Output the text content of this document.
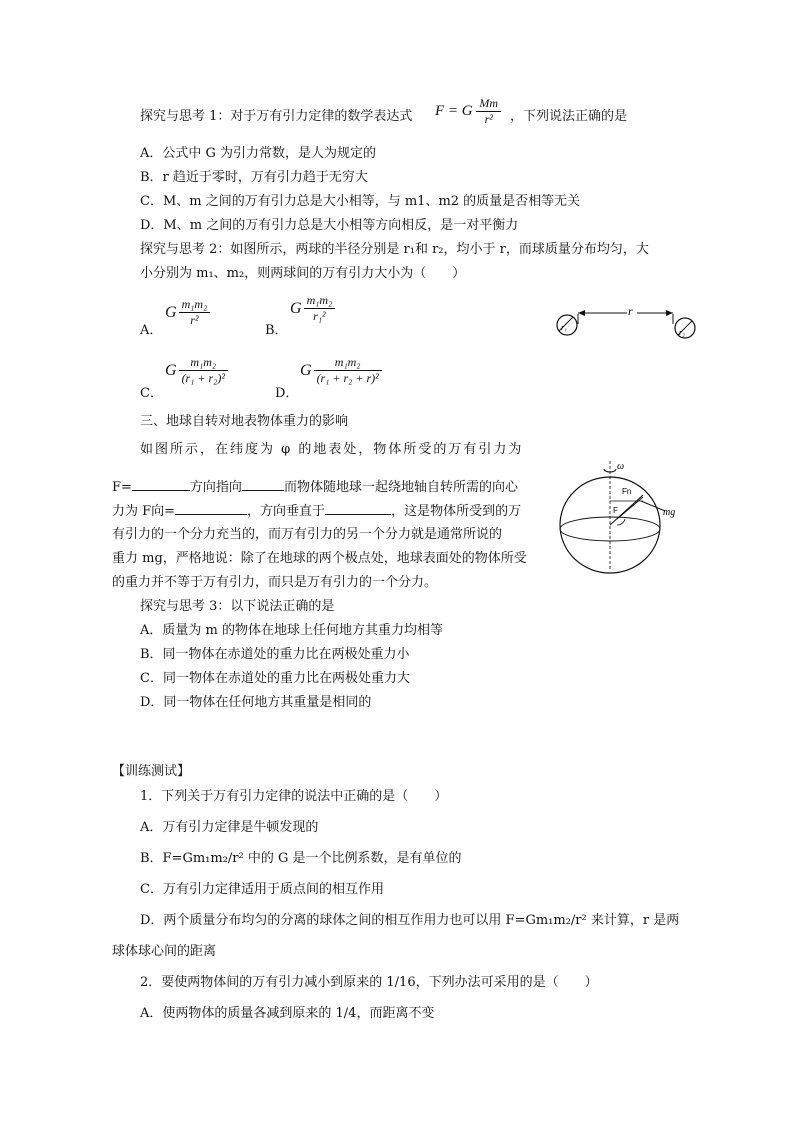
探究与思考 1：对于万有引力定律的数学表达式 F = G $\frac{Mm}{\text{r²}}$ ，下列说法正确的是
A．公式中 G 为引力常数，是人为规定的
B．r 趋近于零时，万有引力趋于无穷大
C．M、m 之间的万有引力总是大小相等，与 m1、m2 的质量是否相等无关
D．M、m 之间的万有引力总是大小相等方向相反，是一对平衡力
探究与思考 2：如图所示，两球的半径分别是 r₁和 r₂，均小于 r，而球质量分布均匀，大
小分别为 m₁、m₂，则两球间的万有引力大小为（　　）
A．
G $\frac{\text{m₁m₂}}{\text{r²}}$
B．
G $\frac{\text{m₁m₂}}{\text{r₁²}}$
C．
G $\frac{\text{m₁m₂}}{\text{(r₁ + r₂)²}}$
D．
G $\frac{\text{m₁m₂}}{\text{(r₁ + r₂ + r)²}}$
r₁
r
r₂
三、地球自转对地表物体重力的影响
如图所示，在纬度为 φ 的地表处，物体所受的万有引力为
F=	方向指向	而物体随地球一起绕地轴自转所需的向心
力为 F向=	，方向垂直于	，这是物体所受到的万
有引力的一个分力充当的，而万有引力的另一个分力就是通常所说的
重力 mg，严格地说：除了在地球的两个极点处，地球表面处的物体所受
的重力并不等于万有引力，而只是万有引力的一个分力。
ω
Fn
F	mg
探究与思考 3：以下说法正确的是
A．质量为 m 的物体在地球上任何地方其重力均相等
B．同一物体在赤道处的重力比在两极处重力小
C．同一物体在赤道处的重力比在两极处重力大
D．同一物体在任何地方其重量是相同的
【训练测试】
1．下列关于万有引力定律的说法中正确的是（　　）
A．万有引力定律是牛顿发现的
B．F=Gm₁m₂/r² 中的 G 是一个比例系数，是有单位的
C．万有引力定律适用于质点间的相互作用
D．两个质量分布均匀的分离的球体之间的相互作用力也可以用 F=Gm₁m₂/r² 来计算，r 是两
球体球心间的距离
2．要使两物体间的万有引力减小到原来的 1/16，下列办法可采用的是（　　）
A．使两物体的质量各减到原来的 1/4，而距离不变
